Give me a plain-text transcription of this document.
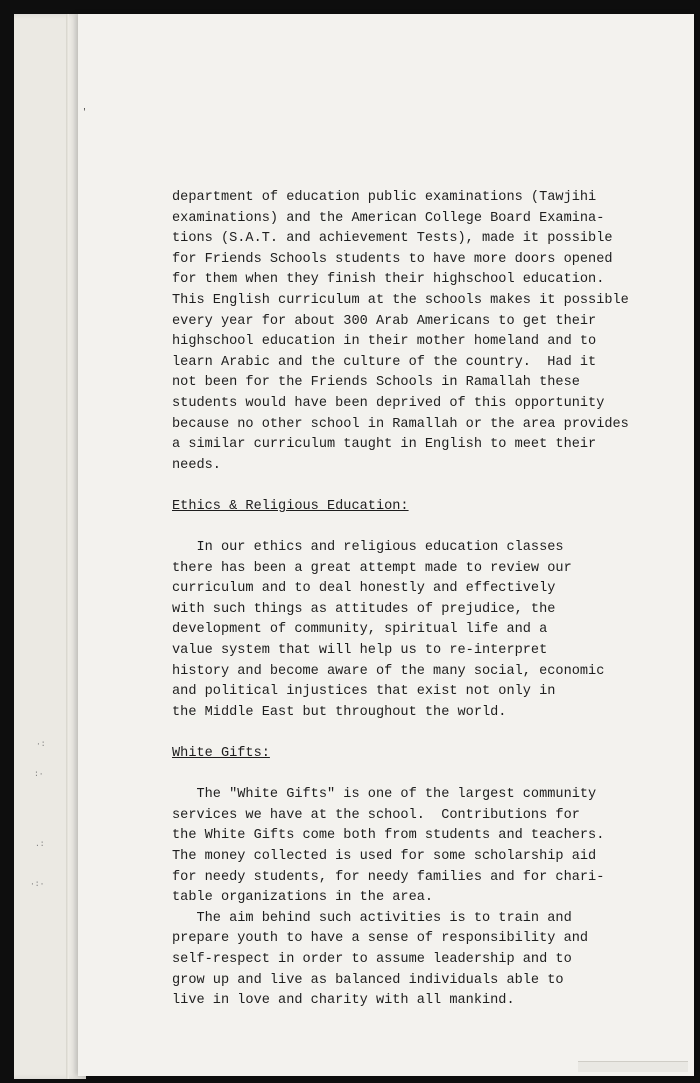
·:
:·
.:
·:·
'
department of education public examinations (Tawjihi
examinations) and the American College Board Examina-
tions (S.A.T. and achievement Tests), made it possible
for Friends Schools students to have more doors opened
for them when they finish their highschool education.
This English curriculum at the schools makes it possible
every year for about 300 Arab Americans to get their
highschool education in their mother homeland and to
learn Arabic and the culture of the country.  Had it
not been for the Friends Schools in Ramallah these
students would have been deprived of this opportunity
because no other school in Ramallah or the area provides
a similar curriculum taught in English to meet their
needs.
Ethics & Religious Education:
In our ethics and religious education classes
there has been a great attempt made to review our
curriculum and to deal honestly and effectively
with such things as attitudes of prejudice, the
development of community, spiritual life and a
value system that will help us to re-interpret
history and become aware of the many social, economic
and political injustices that exist not only in
the Middle East but throughout the world.
White Gifts:
The "White Gifts" is one of the largest community
services we have at the school.  Contributions for
the White Gifts come both from students and teachers.
The money collected is used for some scholarship aid
for needy students, for needy families and for chari-
table organizations in the area.
The aim behind such activities is to train and
prepare youth to have a sense of responsibility and
self-respect in order to assume leadership and to
grow up and live as balanced individuals able to
live in love and charity with all mankind.
